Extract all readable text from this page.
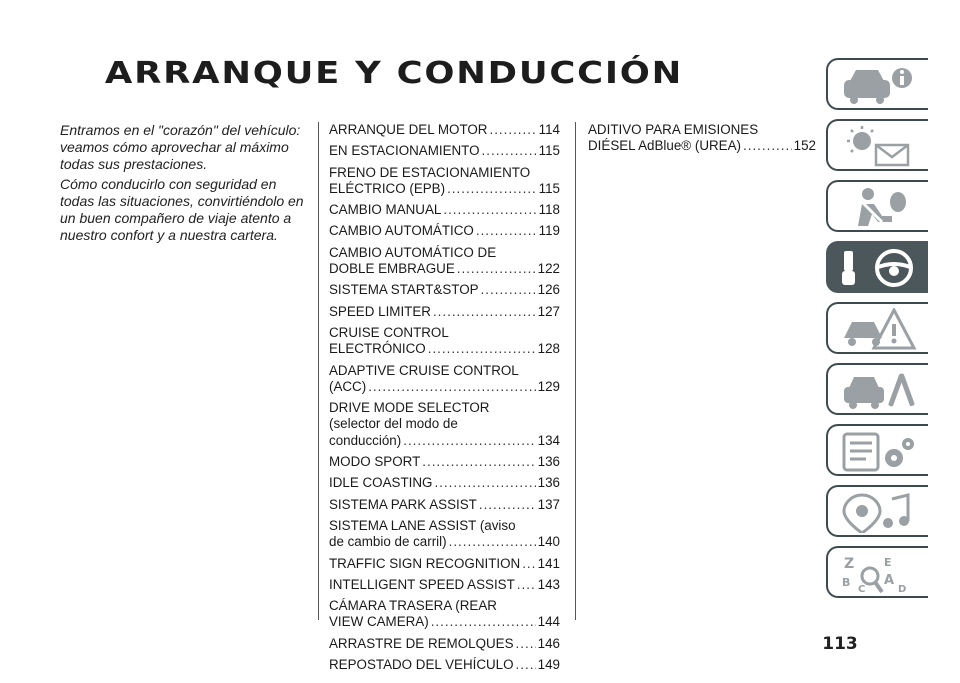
ARRANQUE Y CONDUCCIÓN

Entramos en el "corazón" del vehículo: veamos cómo aprovechar al máximo todas sus prestaciones.

Cómo conducirlo con seguridad en todas las situaciones, convirtiéndolo en un buen compañero de viaje atento a nuestro confort y a nuestra cartera.

ARRANQUE DEL MOTOR .....	114
EN ESTACIONAMIENTO .....	115
FRENO DE ESTACIONAMIENTO
ELÉCTRICO (EPB) .....	115
CAMBIO MANUAL .....	118
CAMBIO AUTOMÁTICO .....	119
CAMBIO AUTOMÁTICO DE
DOBLE EMBRAGUE .....	122
SISTEMA START&STOP .....	126
SPEED LIMITER .....	127
CRUISE CONTROL
ELECTRÓNICO .....	128
ADAPTIVE CRUISE CONTROL
(ACC) .....	129
DRIVE MODE SELECTOR
(selector del modo de
conducción) .....	134
MODO SPORT .....	136
IDLE COASTING .....	136
SISTEMA PARK ASSIST .....	137
SISTEMA LANE ASSIST (aviso
de cambio de carril) .....	140
TRAFFIC SIGN RECOGNITION ..... 141
INTELLIGENT SPEED ASSIST ..... 143
CÁMARA TRASERA (REAR
VIEW CAMERA) .....	144
ARRASTRE DE REMOLQUES ..... 146
REPOSTADO DEL VEHÍCULO ..... 149
ADITIVO PARA EMISIONES
DIÉSEL AdBlue® (UREA) .....	152
Z	E
B	A
C	D
113
